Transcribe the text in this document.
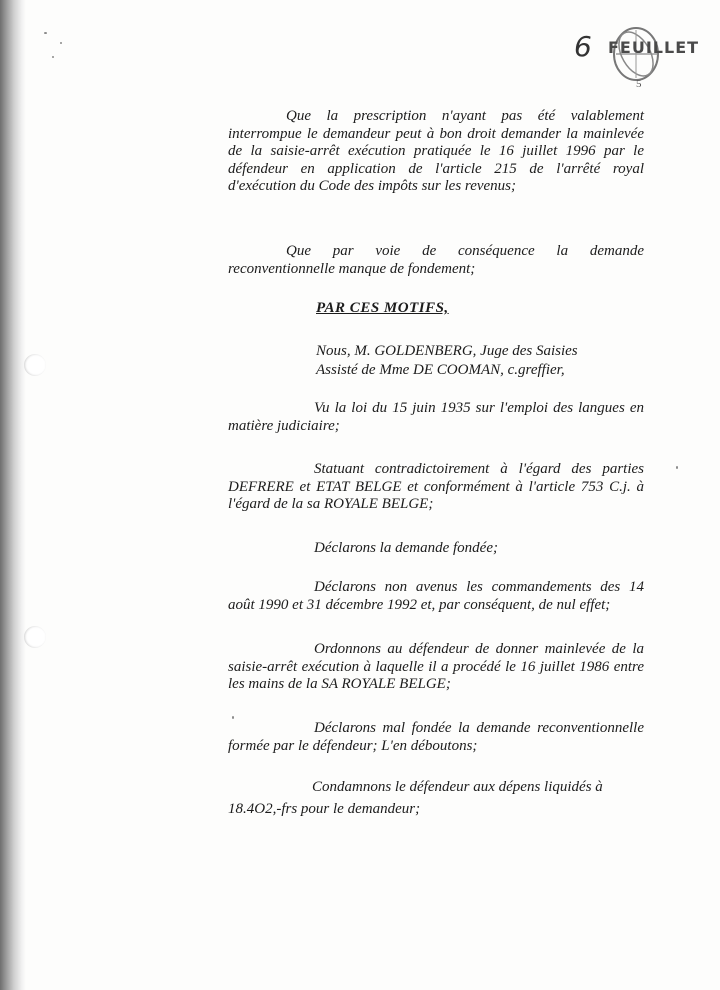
6 FEUILLET
5
Que la prescription n'ayant pas été valablement interrompue le demandeur peut à bon droit demander la mainlevée de la saisie-arrêt exécution pratiquée le 16 juillet 1996 par le défendeur en application de l'article 215 de l'arrêté royal d'exécution du Code des impôts sur les revenus;
Que par voie de conséquence la demande reconventionnelle manque de fondement;
PAR CES MOTIFS,
Nous, M. GOLDENBERG, Juge des Saisies
Assisté de Mme DE COOMAN, c.greffier,
Vu la loi du 15 juin 1935 sur l'emploi des langues en matière judiciaire;
Statuant contradictoirement à l'égard des parties DEFRERE et ETAT BELGE et conformément à l'article 753 C.j. à l'égard de la sa ROYALE BELGE;
Déclarons la demande fondée;
Déclarons non avenus les commandements des 14 août 1990 et 31 décembre 1992 et, par conséquent, de nul effet;
Ordonnons au défendeur de donner mainlevée de la saisie-arrêt exécution à laquelle il a procédé le 16 juillet 1986 entre les mains de la SA ROYALE BELGE;
Déclarons mal fondée la demande reconventionnelle formée par le défendeur; L'en déboutons;
Condamnons le défendeur aux dépens liquidés à
18.4O2,-frs pour le demandeur;
